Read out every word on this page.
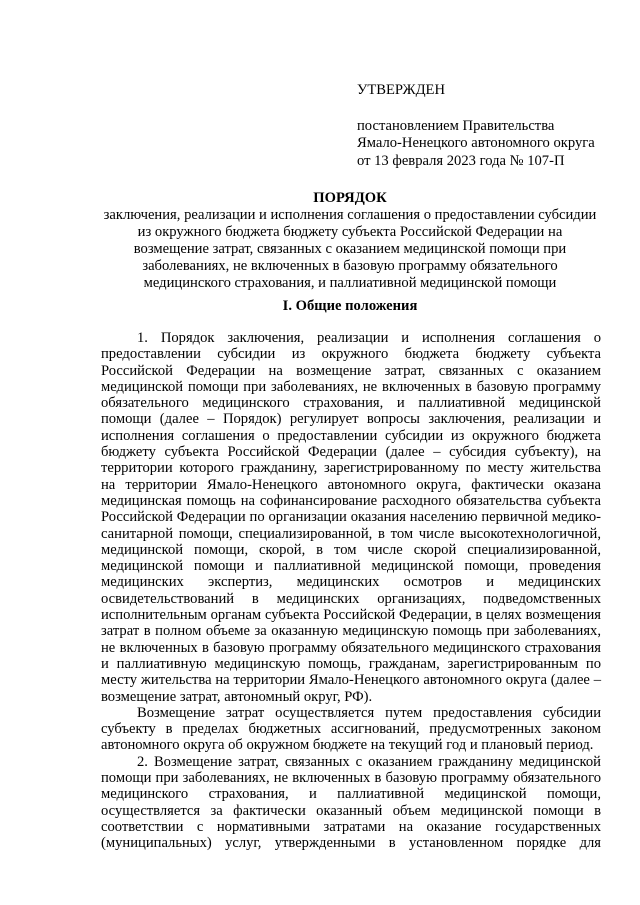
УТВЕРЖДЕН
постановлением Правительства
Ямало-Ненецкого автономного округа
от 13 февраля 2023 года № 107-П
ПОРЯДОК
заключения, реализации и исполнения соглашения о предоставлении субсидии
из окружного бюджета бюджету субъекта Российской Федерации на
возмещение затрат, связанных с оказанием медицинской помощи при
заболеваниях, не включенных в базовую программу обязательного
медицинского страхования, и паллиативной медицинской помощи
I. Общие положения
1. Порядок заключения, реализации и исполнения соглашения о
предоставлении субсидии из окружного бюджета бюджету субъекта
Российской Федерации на возмещение затрат, связанных с оказанием
медицинской помощи при заболеваниях, не включенных в базовую программу
обязательного медицинского страхования, и паллиативной медицинской
помощи (далее – Порядок) регулирует вопросы заключения, реализации и
исполнения соглашения о предоставлении субсидии из окружного бюджета
бюджету субъекта Российской Федерации (далее – субсидия субъекту), на
территории которого гражданину, зарегистрированному по месту жительства
на территории Ямало-Ненецкого автономного округа, фактически оказана
медицинская помощь на софинансирование расходного обязательства субъекта
Российской Федерации по организации оказания населению первичной медико-
санитарной помощи, специализированной, в том числе высокотехнологичной,
медицинской помощи, скорой, в том числе скорой специализированной,
медицинской помощи и паллиативной медицинской помощи, проведения
медицинских экспертиз, медицинских осмотров и медицинских
освидетельствований в медицинских организациях, подведомственных
исполнительным органам субъекта Российской Федерации, в целях возмещения
затрат в полном объеме за оказанную медицинскую помощь при заболеваниях,
не включенных в базовую программу обязательного медицинского страхования
и паллиативную медицинскую помощь, гражданам, зарегистрированным по
месту жительства на территории Ямало-Ненецкого автономного округа (далее –
возмещение затрат, автономный округ, РФ).
Возмещение затрат осуществляется путем предоставления субсидии
субъекту в пределах бюджетных ассигнований, предусмотренных законом
автономного округа об окружном бюджете на текущий год и плановый период.
2. Возмещение затрат, связанных с оказанием гражданину медицинской
помощи при заболеваниях, не включенных в базовую программу обязательного
медицинского страхования, и паллиативной медицинской помощи,
осуществляется за фактически оказанный объем медицинской помощи в
соответствии с нормативными затратами на оказание государственных
(муниципальных) услуг, утвержденными в установленном порядке для
